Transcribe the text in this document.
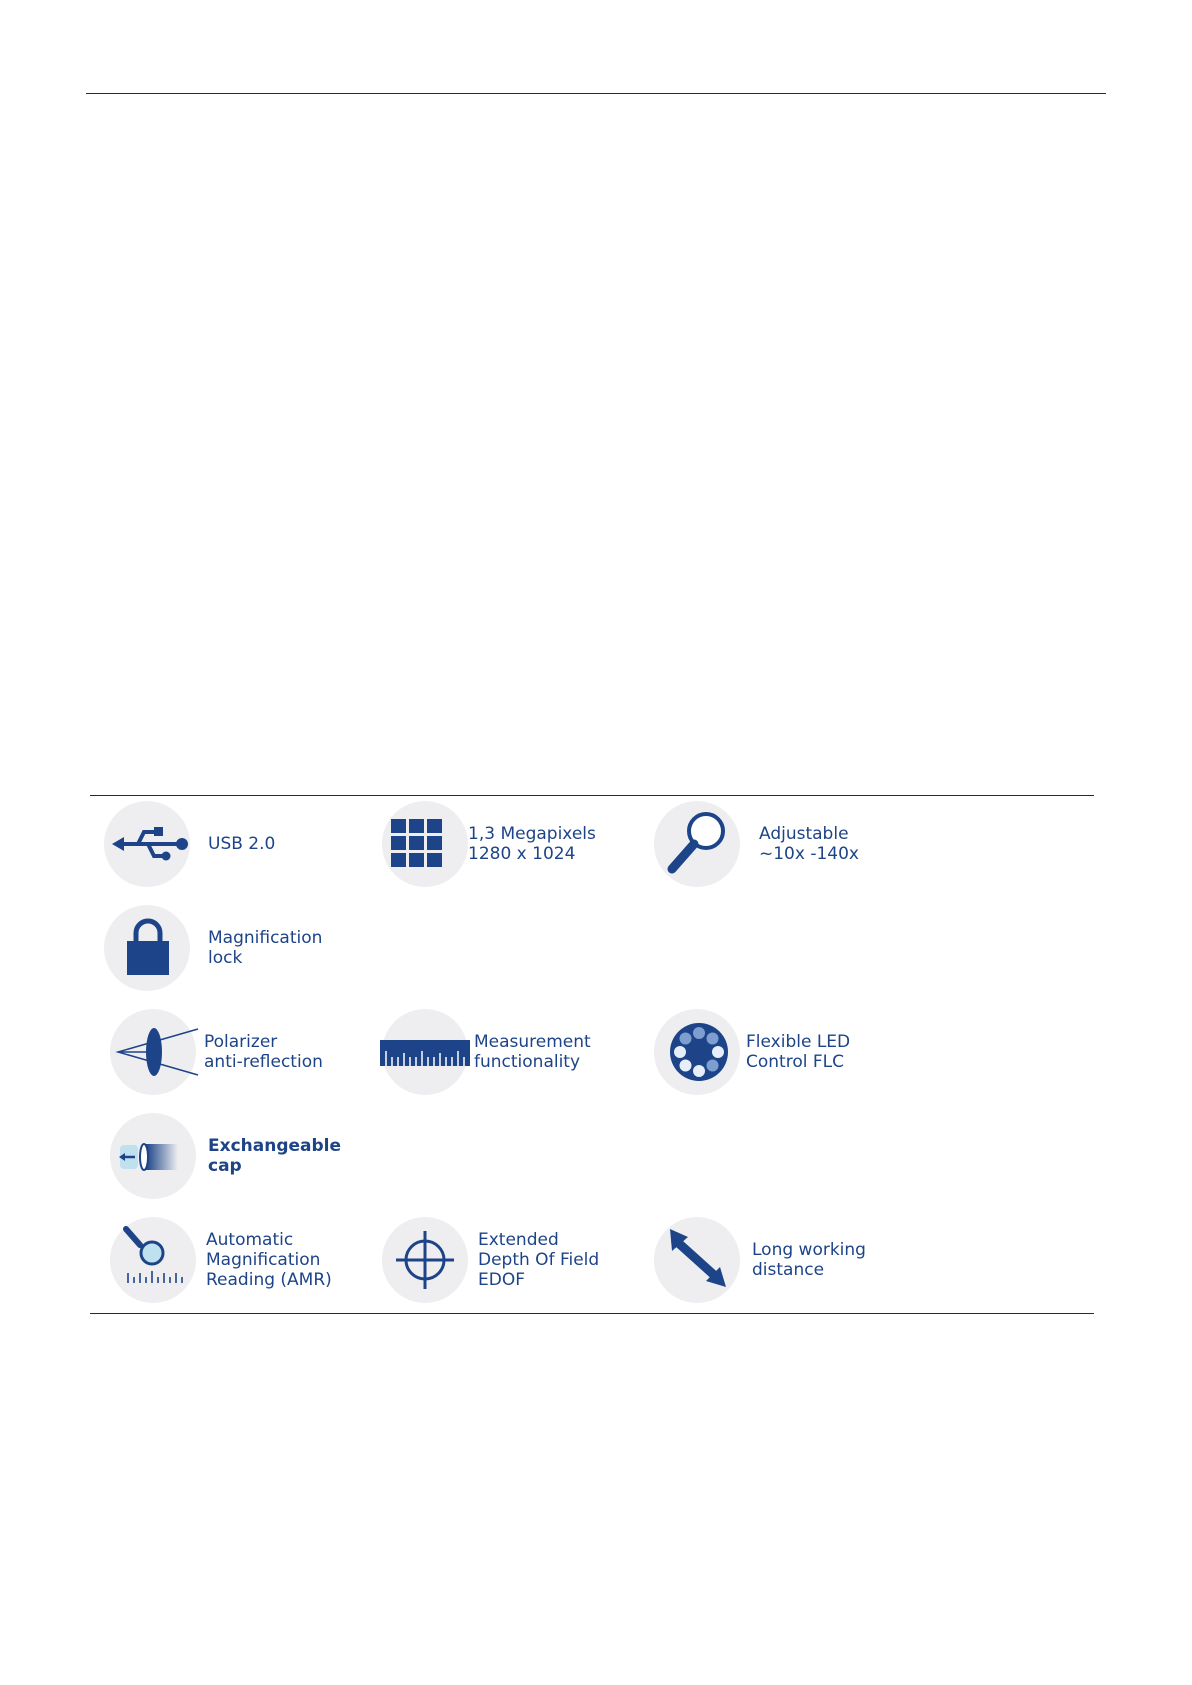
USB 2.0	1,3 Megapixels
1280 x 1024
Adjustable
~10x -140x
Magnification
lock
Polarizer
anti-reflection
Measurement
functionality
Flexible LED
Control FLC
Exchangeable
cap
Automatic
Magnification
Reading (AMR)
Extended
Depth Of Field
EDOF
Long working
distance
